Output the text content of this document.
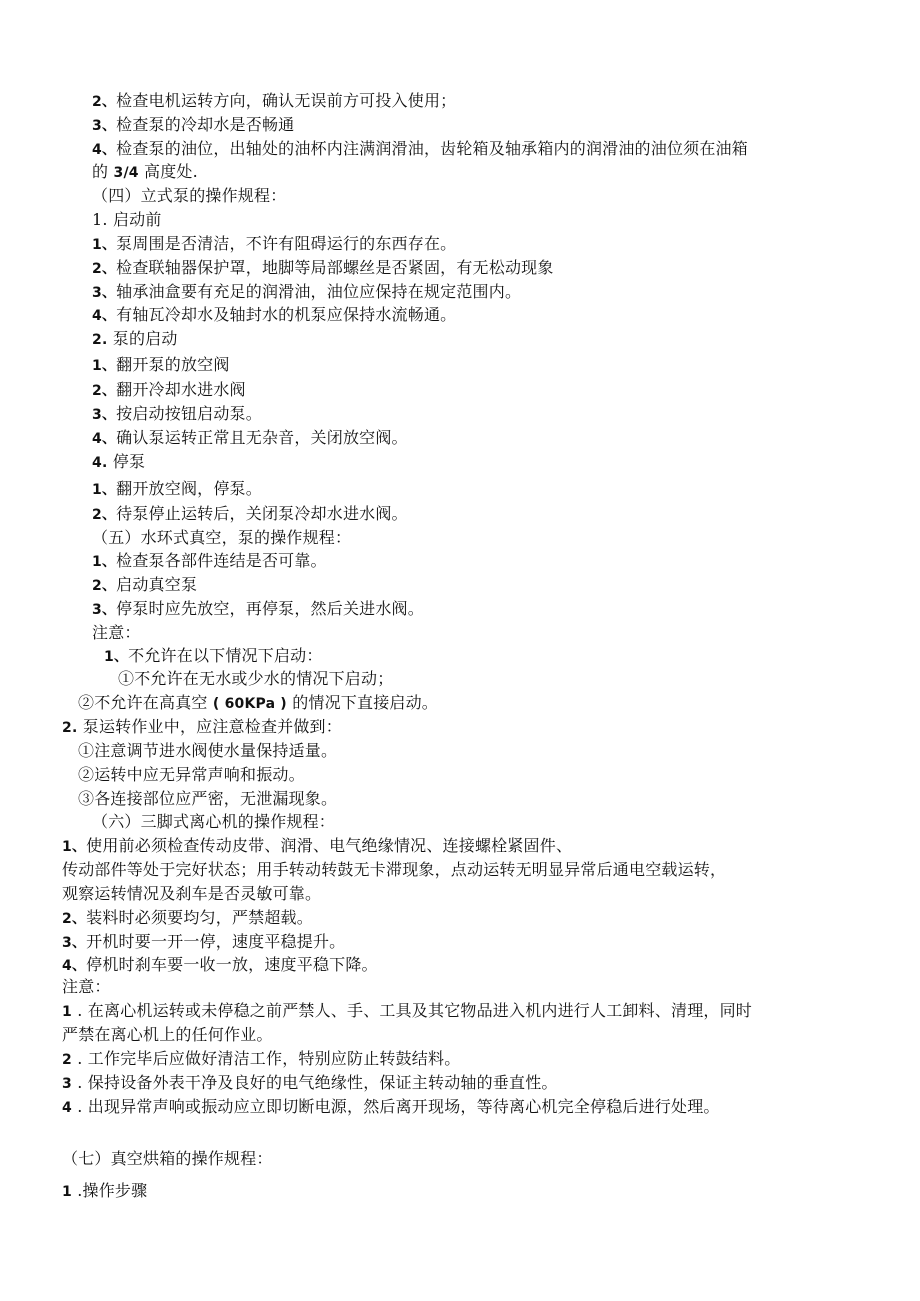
2、检查电机运转方向，确认无误前方可投入使用；
3、检查泵的冷却水是否畅通
4、检查泵的油位，出轴处的油杯内注满润滑油，齿轮箱及轴承箱内的润滑油的油位须在油箱
的 3/4 高度处.
（四）立式泵的操作规程：
1. 启动前
1、泵周围是否清洁，不许有阻碍运行的东西存在。
2、检查联轴器保护罩，地脚等局部螺丝是否紧固，有无松动现象
3、轴承油盒要有充足的润滑油，油位应保持在规定范围内。
4、有轴瓦冷却水及轴封水的机泵应保持水流畅通。
2. 泵的启动
1、翻开泵的放空阀
2、翻开冷却水进水阀
3、按启动按钮启动泵。
4、确认泵运转正常且无杂音，关闭放空阀。
4. 停泵
1、翻开放空阀，停泵。
2、待泵停止运转后，关闭泵冷却水进水阀。
（五）水环式真空，泵的操作规程：
1、检查泵各部件连结是否可靠。
2、启动真空泵
3、停泵时应先放空，再停泵，然后关进水阀。
注意：
1、不允许在以下情况下启动：
①不允许在无水或少水的情况下启动；
②不允许在高真空 ( 60KPa ) 的情况下直接启动。
2. 泵运转作业中，应注意检查并做到：
①注意调节进水阀使水量保持适量。
②运转中应无异常声响和振动。
③各连接部位应严密，无泄漏现象。
（六）三脚式离心机的操作规程：
1、使用前必须检查传动皮带、润滑、电气绝缘情况、连接螺栓紧固件、
传动部件等处于完好状态；用手转动转鼓无卡滞现象，点动运转无明显异常后通电空载运转，
观察运转情况及刹车是否灵敏可靠。
2、装料时必须要均匀，严禁超载。
3、开机时要一开一停，速度平稳提升。
4、停机时刹车要一收一放，速度平稳下降。
注意：
1 . 在离心机运转或未停稳之前严禁人、手、工具及其它物品进入机内进行人工卸料、清理，同时
严禁在离心机上的任何作业。
2 . 工作完毕后应做好清洁工作，特别应防止转鼓结料。
3 . 保持设备外表干净及良好的电气绝缘性，保证主转动轴的垂直性。
4 . 出现异常声响或振动应立即切断电源，然后离开现场，等待离心机完全停稳后进行处理。
（七）真空烘箱的操作规程：
1 .操作步骤
